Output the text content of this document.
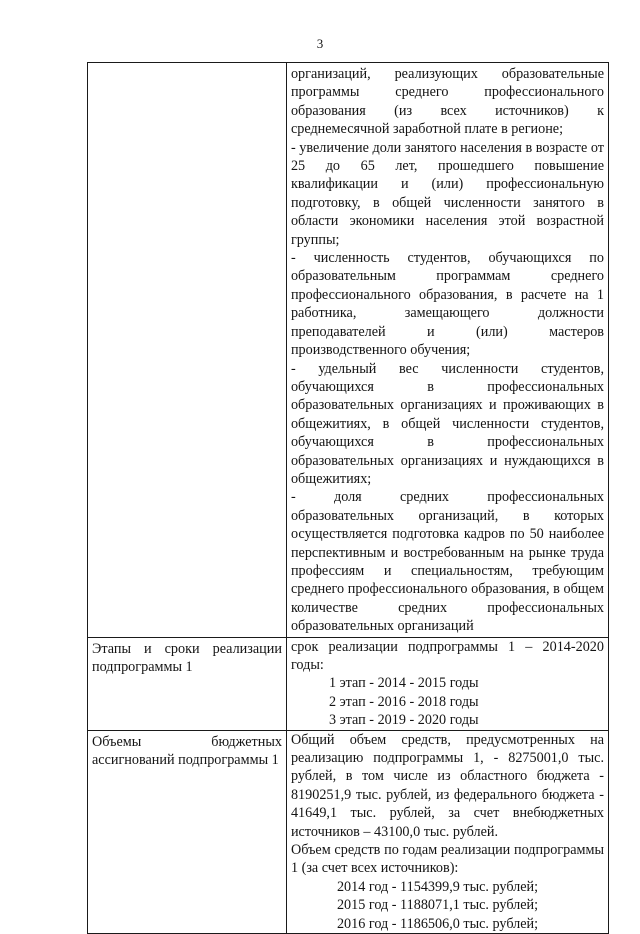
3

	организаций, реализующих образовательные программы среднего профессионального образования (из всех источников) к среднемесячной заработной плате в регионе;
- увеличение доли занятого населения в возрасте от 25 до 65 лет, прошедшего повышение квалификации и (или) профессиональную подготовку, в общей численности занятого в области экономики населения этой возрастной группы;
- численность студентов, обучающихся по образовательным программам среднего профессионального образования, в расчете на 1 работника, замещающего должности преподавателей и (или) мастеров производственного обучения;
- удельный вес численности студентов, обучающихся в профессиональных образовательных организациях и проживающих в общежитиях, в общей численности студентов, обучающихся в профессиональных образовательных организациях и нуждающихся в общежитиях;
- доля средних профессиональных образовательных организаций, в которых осуществляется подготовка кадров по 50 наиболее перспективным и востребованным на рынке труда профессиям и специальностям, требующим среднего профессионального образования, в общем количестве средних профессиональных образовательных организаций

Этапы и сроки реализации подпрограммы 1	срок реализации подпрограммы 1 – 2014-2020 годы:
1 этап - 2014 - 2015 годы
2 этап - 2016 - 2018 годы
3 этап - 2019 - 2020 годы

Объемы бюджетных ассигнований подпрограммы 1	Общий объем средств, предусмотренных на реализацию подпрограммы 1, - 8275001,0 тыс. рублей, в том числе из областного бюджета - 8190251,9 тыс. рублей, из федерального бюджета - 41649,1 тыс. рублей, за счет внебюджетных источников – 43100,0 тыс. рублей.
Объем средств по годам реализации подпрограммы 1 (за счет всех источников):
2014 год - 1154399,9 тыс. рублей;
2015 год - 1188071,1 тыс. рублей;
2016 год - 1186506,0 тыс. рублей;
